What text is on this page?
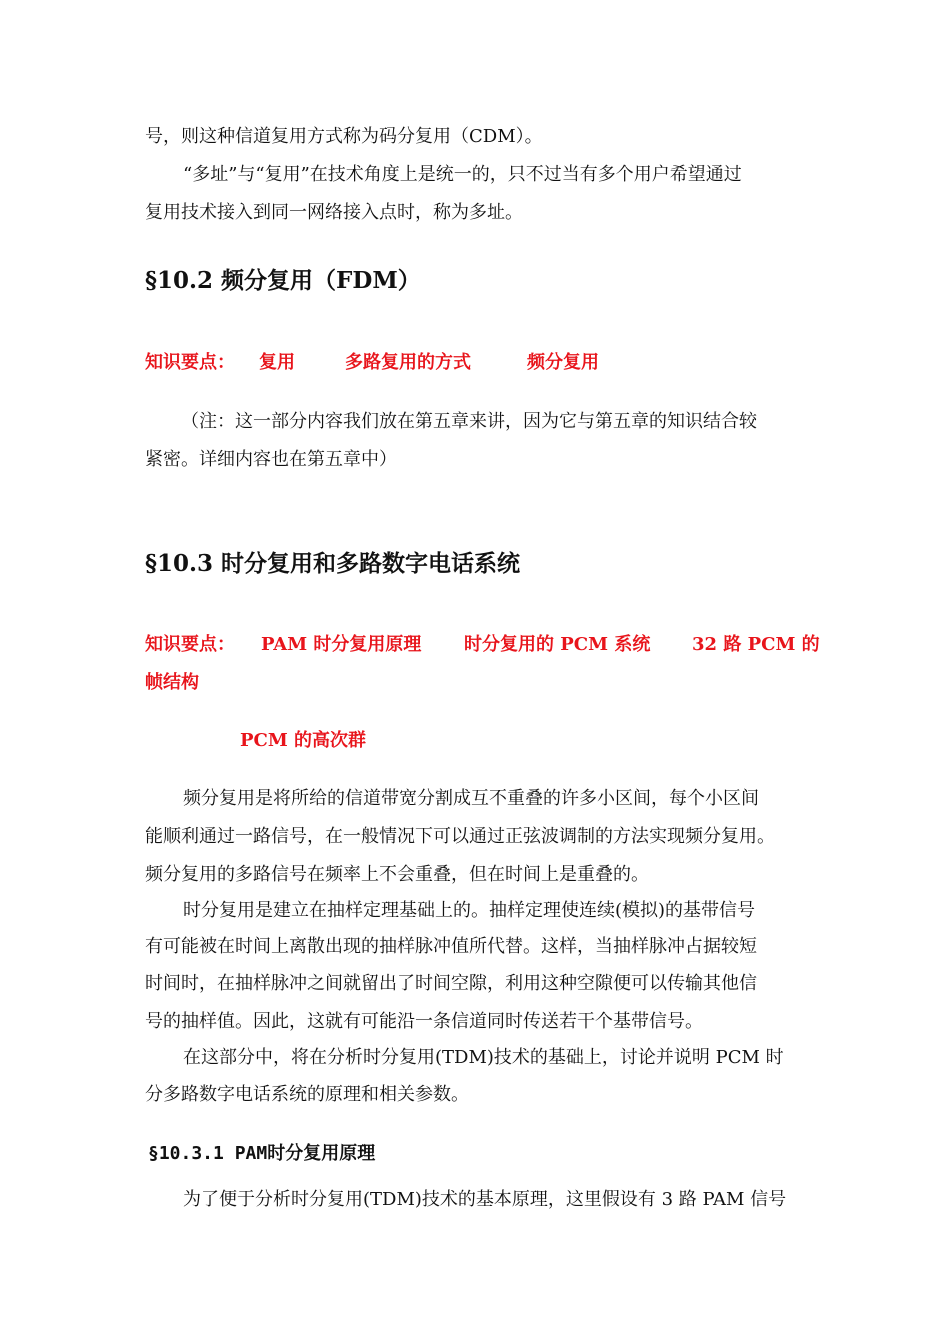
号，则这种信道复用方式称为码分复用（CDM）。

“多址”与“复用”在技术角度上是统一的，只不过当有多个用户希望通过

复用技术接入到同一网络接入点时，称为多址。

§10.2 频分复用（FDM）
知识要点： 复用	多路复用的方式	频分复用

（注：这一部分内容我们放在第五章来讲，因为它与第五章的知识结合较

紧密。详细内容也在第五章中）

§10.3 时分复用和多路数字电话系统
知识要点： PAM 时分复用原理 时分复用的 PCM 系统 32 路 PCM 的
帧结构
PCM 的高次群

频分复用是将所给的信道带宽分割成互不重叠的许多小区间，每个小区间

能顺利通过一路信号，在一般情况下可以通过正弦波调制的方法实现频分复用。

频分复用的多路信号在频率上不会重叠，但在时间上是重叠的。

时分复用是建立在抽样定理基础上的。抽样定理使连续(模拟)的基带信号

有可能被在时间上离散出现的抽样脉冲值所代替。这样，当抽样脉冲占据较短

时间时，在抽样脉冲之间就留出了时间空隙，利用这种空隙便可以传输其他信

号的抽样值。因此，这就有可能沿一条信道同时传送若干个基带信号。

在这部分中，将在分析时分复用(TDM)技术的基础上，讨论并说明 PCM 时

分多路数字电话系统的原理和相关参数。

§10.3.1 PAM时分复用原理

为了便于分析时分复用(TDM)技术的基本原理，这里假设有 3 路 PAM 信号
